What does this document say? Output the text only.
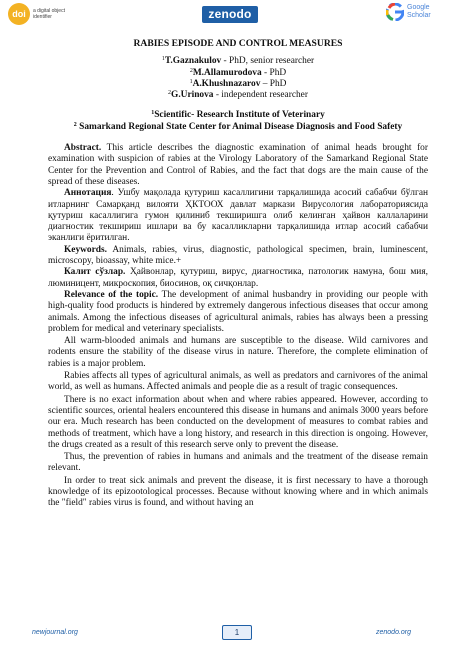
doi	a digital object identifier	zenodo	Google
Scholar

RABIES EPISODE AND CONTROL MEASURES

$^1$T.Gaznakulov - PhD, senior researcher

$^2$M.Allamurodova - PhD

$^1$A.Khushnazarov – PhD

$^2$G.Urinova - independent researcher

$^1$Scientific- Research Institute of Veterinary

$^2$ Samarkand Regional State Center for Animal Disease Diagnosis and Food Safety

Abstract. This article describes the diagnostic examination of animal heads brought for examination with suspicion of rabies at the Virology Laboratory of the Samarkand Regional State Center for the Prevention and Control of Rabies, and the fact that dogs are the main cause of the spread of these diseases.

Аннотация. Ушбу мақолада қутуриш касаллигини тарқалишида асосий сабабчи бўлган итларнинг Самарқанд вилояти ҲКТООХ давлат маркази Вирусология лабораториясида қутуриш касаллигига гумон қилиниб текширишга олиб келинган ҳайвон каллаларини диагностик текшириш ишлари ва бу касалликларни тарқалишида итлар асосий сабабчи эканлиги ёритилган.

Keywords. Animals, rabies, virus, diagnostic, pathological specimen, brain, luminescent, microscopy, bioassay, white mice.+

Калит сўзлар. Ҳайвонлар, қутуриш, вирус, диагностика, патологик намуна, бош мия, люминицент, микроскопия, биосинов, оқ сичқонлар.

Relevance of the topic. The development of animal husbandry in providing our people with high-quality food products is hindered by extremely dangerous infectious diseases that occur among animals. Among the infectious diseases of agricultural animals, rabies has always been a pressing problem for medical and veterinary specialists.

All warm-blooded animals and humans are susceptible to the disease. Wild carnivores and rodents ensure the stability of the disease virus in nature. Therefore, the complete elimination of rabies is a major problem.

Rabies affects all types of agricultural animals, as well as predators and carnivores of the animal world, as well as humans. Affected animals and people die as a result of tragic consequences.

There is no exact information about when and where rabies appeared. However, according to scientific sources, oriental healers encountered this disease in humans and animals 3000 years before our era. Much research has been conducted on the development of measures to combat rabies and methods of treatment, which have a long history, and research in this direction is ongoing. However, the drugs created as a result of this research serve only to prevent the disease.

Thus, the prevention of rabies in humans and animals and the treatment of the disease remain relevant.

In order to treat sick animals and prevent the disease, it is first necessary to have a thorough knowledge of its epizootological processes. Because without knowing where and in which animals the "field" rabies virus is found, and without having an

newjournal.org	1	zenodo.org
